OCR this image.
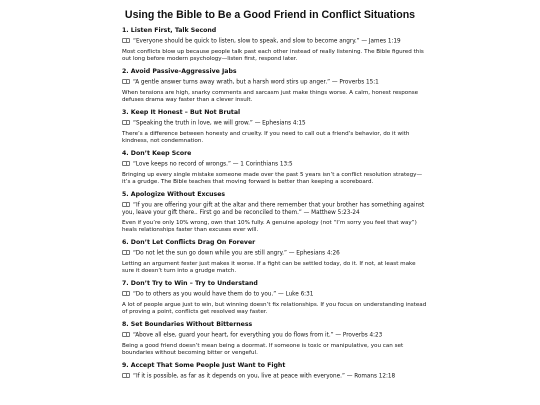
Using the Bible to Be a Good Friend in Conflict Situations
1. Listen First, Talk Second
“Everyone should be quick to listen, slow to speak, and slow to become angry.” — James 1:19

Most conflicts blow up because people talk past each other instead of really listening. The Bible figured this out long before modern psychology—listen first, respond later.

2. Avoid Passive-Aggressive Jabs
“A gentle answer turns away wrath, but a harsh word stirs up anger.” — Proverbs 15:1

When tensions are high, snarky comments and sarcasm just make things worse. A calm, honest response defuses drama way faster than a clever insult.

3. Keep It Honest – But Not Brutal
“Speaking the truth in love, we will grow.” — Ephesians 4:15

There’s a difference between honesty and cruelty. If you need to call out a friend’s behavior, do it with kindness, not condemnation.

4. Don’t Keep Score
“Love keeps no record of wrongs.” — 1 Corinthians 13:5

Bringing up every single mistake someone made over the past 5 years isn’t a conflict resolution strategy—it’s a grudge. The Bible teaches that moving forward is better than keeping a scoreboard.

5. Apologize Without Excuses
“If you are offering your gift at the altar and there remember that your brother has something against you, leave your gift there.. First go and be reconciled to them.” — Matthew 5:23-24

Even if you’re only 10% wrong, own that 10% fully. A genuine apology (not “I’m sorry you feel that way”) heals relationships faster than excuses ever will.

6. Don’t Let Conflicts Drag On Forever
“Do not let the sun go down while you are still angry.” — Ephesians 4:26

Letting an argument fester just makes it worse. If a fight can be settled today, do it. If not, at least make sure it doesn’t turn into a grudge match.

7. Don’t Try to Win – Try to Understand
“Do to others as you would have them do to you.” — Luke 6:31

A lot of people argue just to win, but winning doesn’t fix relationships. If you focus on understanding instead of proving a point, conflicts get resolved way faster.

8. Set Boundaries Without Bitterness
“Above all else, guard your heart, for everything you do flows from it.” — Proverbs 4:23

Being a good friend doesn’t mean being a doormat. If someone is toxic or manipulative, you can set boundaries without becoming bitter or vengeful.

9. Accept That Some People Just Want to Fight
“If it is possible, as far as it depends on you, live at peace with everyone.” — Romans 12:18
